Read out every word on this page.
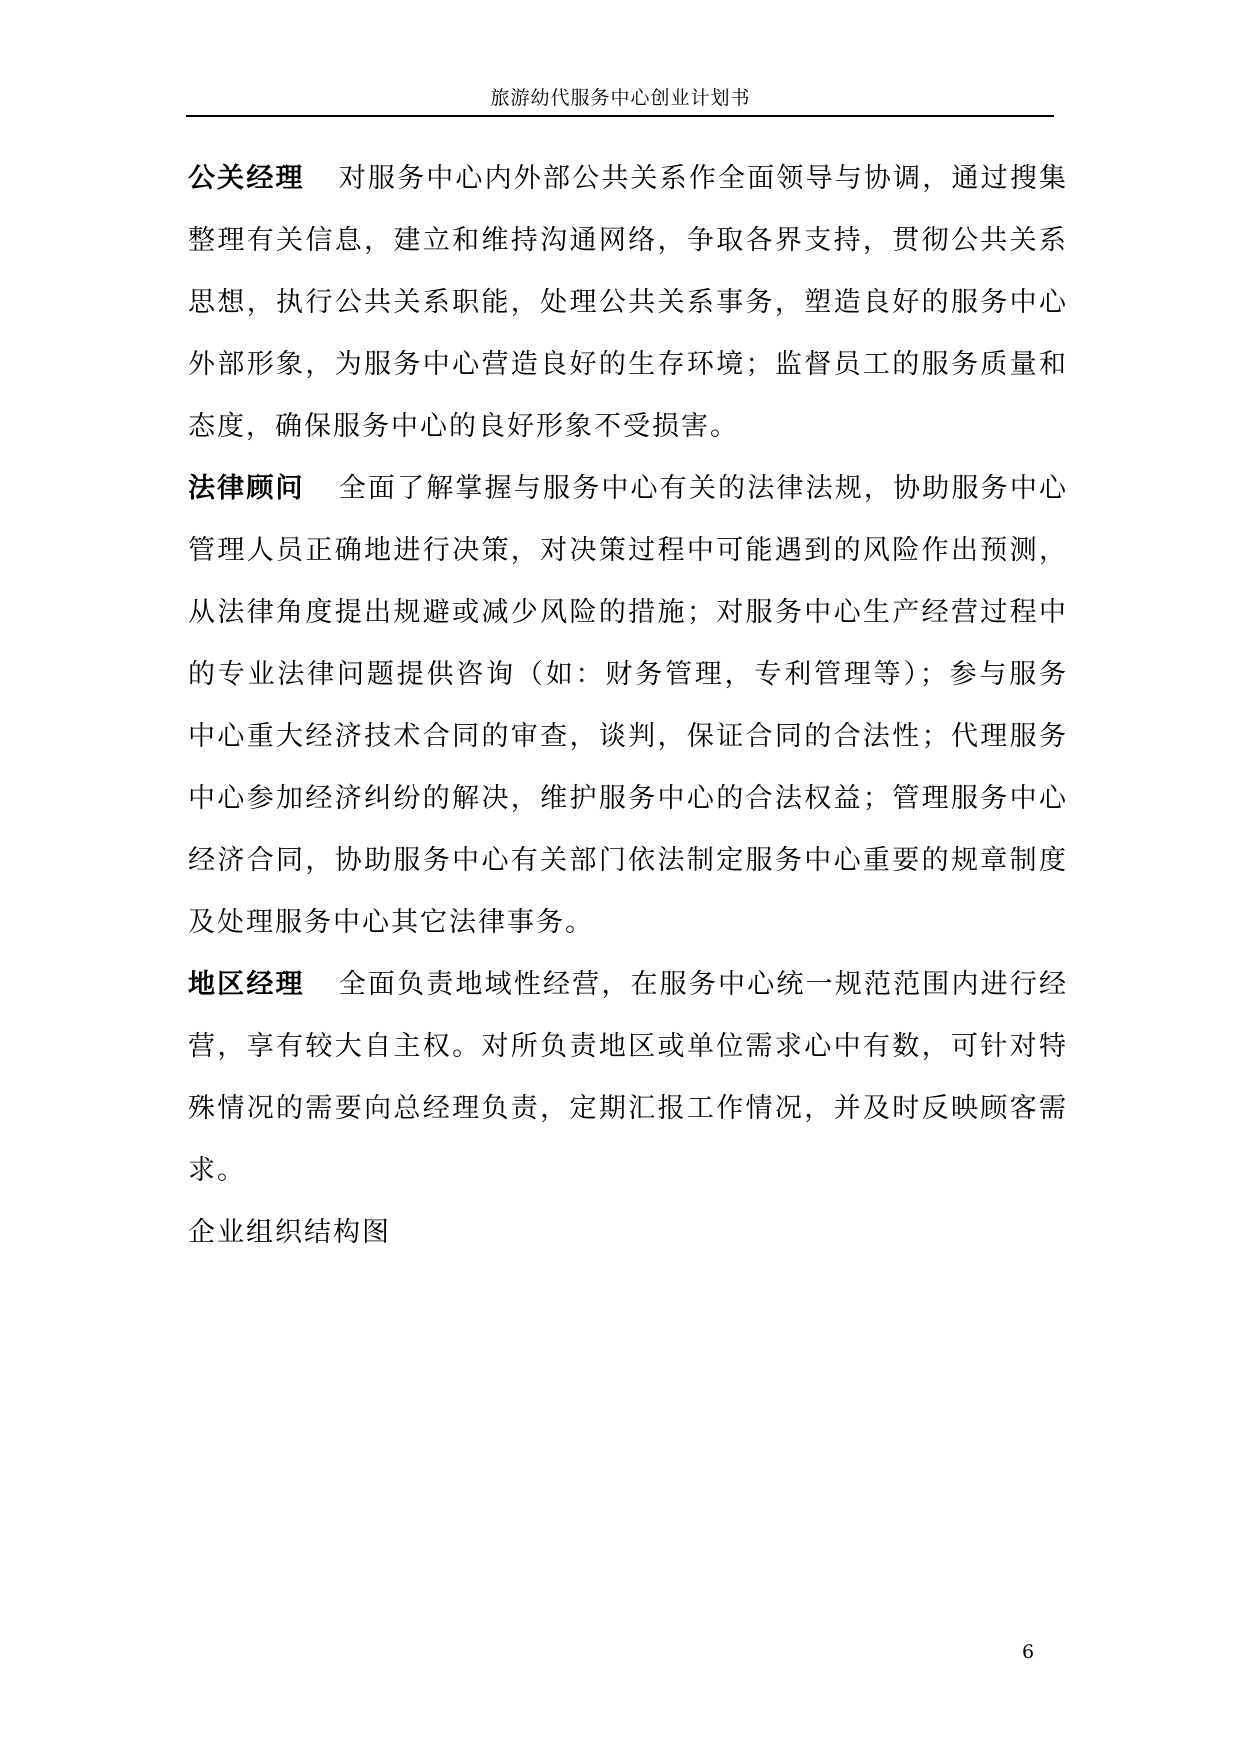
旅游幼代服务中心创业计划书

公关经理 对服务中心内外部公共关系作全面领导与协调，通过搜集整理有关信息，建立和维持沟通网络，争取各界支持，贯彻公共关系思想，执行公共关系职能，处理公共关系事务，塑造良好的服务中心外部形象，为服务中心营造良好的生存环境；监督员工的服务质量和态度，确保服务中心的良好形象不受损害。

法律顾问 全面了解掌握与服务中心有关的法律法规，协助服务中心管理人员正确地进行决策，对决策过程中可能遇到的风险作出预测，从法律角度提出规避或减少风险的措施；对服务中心生产经营过程中的专业法律问题提供咨询（如：财务管理，专利管理等）；参与服务中心重大经济技术合同的审查，谈判，保证合同的合法性；代理服务中心参加经济纠纷的解决，维护服务中心的合法权益；管理服务中心经济合同，协助服务中心有关部门依法制定服务中心重要的规章制度及处理服务中心其它法律事务。

地区经理 全面负责地域性经营，在服务中心统一规范范围内进行经营，享有较大自主权。对所负责地区或单位需求心中有数，可针对特殊情况的需要向总经理负责，定期汇报工作情况，并及时反映顾客需求。

企业组织结构图

6
